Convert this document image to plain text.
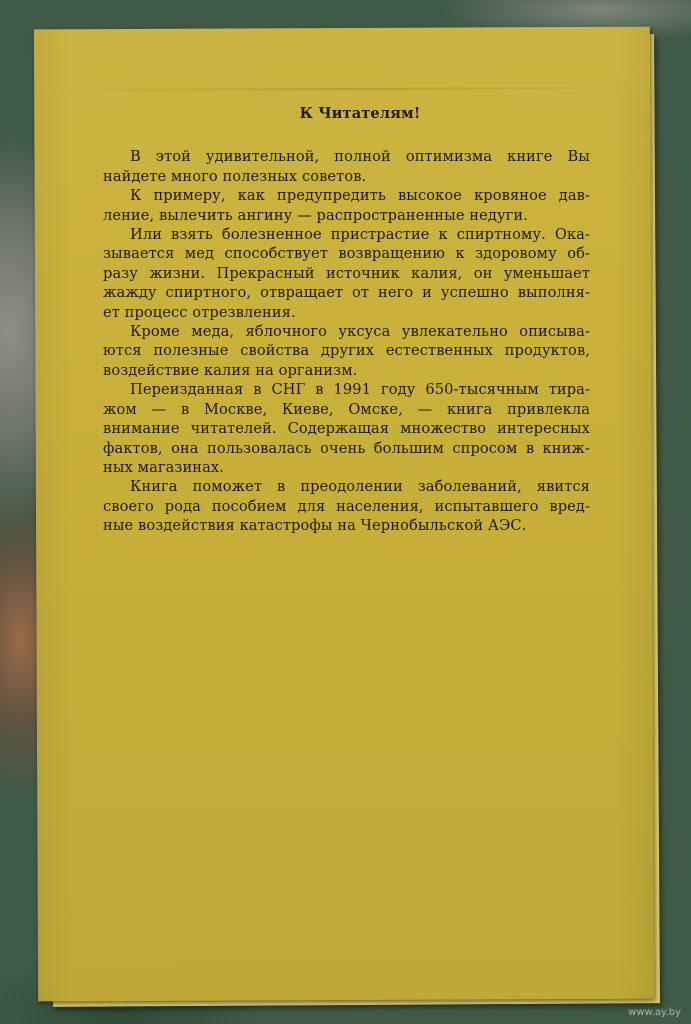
К Читателям!
В этой удивительной, полной оптимизма книге Вы
найдете много полезных советов.
К примеру, как предупредить высокое кровяное дав-
ление, вылечить ангину — распространенные недуги.
Или взять болезненное пристрастие к спиртному. Ока-
зывается мед способствует возвращению к здоровому об-
разу жизни. Прекрасный источник калия, он уменьшает
жажду спиртного, отвращает от него и успешно выполня-
ет процесс отрезвления.
Кроме меда, яблочного уксуса увлекательно описыва-
ются полезные свойства других естественных продуктов,
воздействие калия на организм.
Переизданная в СНГ в 1991 году 650-тысячным тира-
жом — в Москве, Киеве, Омске, — книга привлекла
внимание читателей. Содержащая множество интересных
фактов, она пользовалась очень большим спросом в книж-
ных магазинах.
Книга поможет в преодолении заболеваний, явится
своего рода пособием для населения, испытавшего вред-
ные воздействия катастрофы на Чернобыльской АЭС.
www.ay.by
